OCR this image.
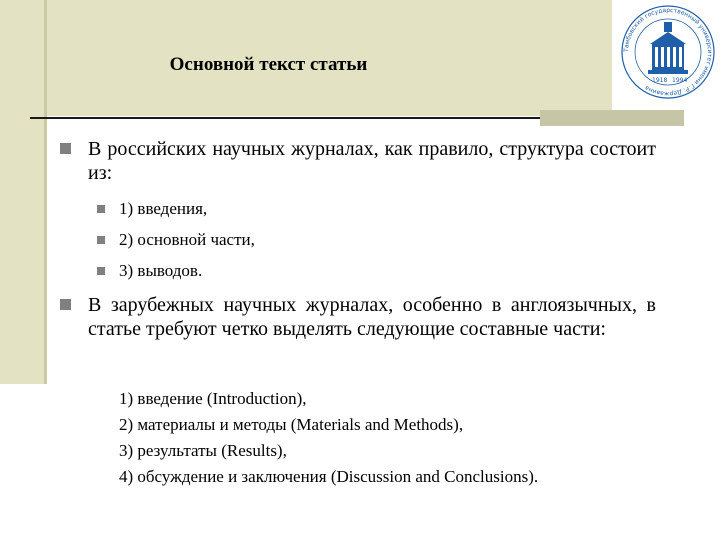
Основной текст статьи
Тамбовский государственный университет имени Г.Р. Державина
1918 1994
В российских научных журналах, как правило, структура состоит из:
1) введения,
2) основной части,
3) выводов.
В зарубежных научных журналах, особенно в англоязычных, в статье требуют четко выделять следующие составные части:
1) введение (Introduction),
2) материалы и методы (Materials and Methods),
3) результаты (Results),
4) обсуждение и заключения (Discussion and Conclusions).
